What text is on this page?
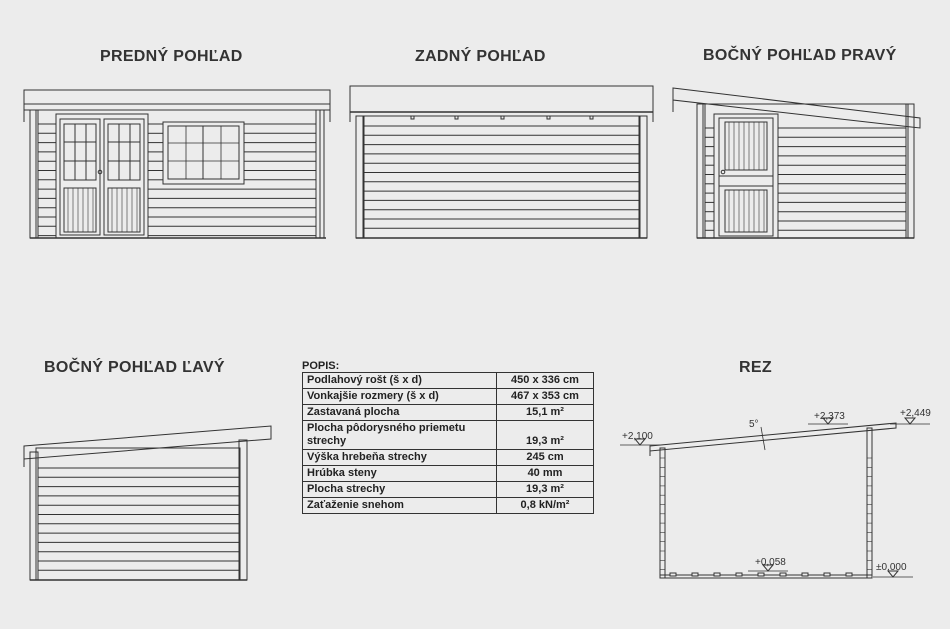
PREDNÝ POHĽAD	ZADNÝ POHĽAD	BOČNÝ POHĽAD PRAVÝ
BOČNÝ POHĽAD ĽAVÝ	REZ
POPIS:
Podlahový rošt (š x d)	450 x 336 cm
Vonkajšie rozmery (š x d)	467 x 353 cm
Zastavaná plocha	15,1 m²
Plocha pôdorysného priemetu strechy	19,3 m²
Výška hrebeňa strechy	245 cm
Hrúbka steny	40 mm
Plocha strechy	19,3 m²
Zaťaženie snehom	0,8 kN/m²
+2,100
+2,373	+2,449
+0,058	±0,000
5°
